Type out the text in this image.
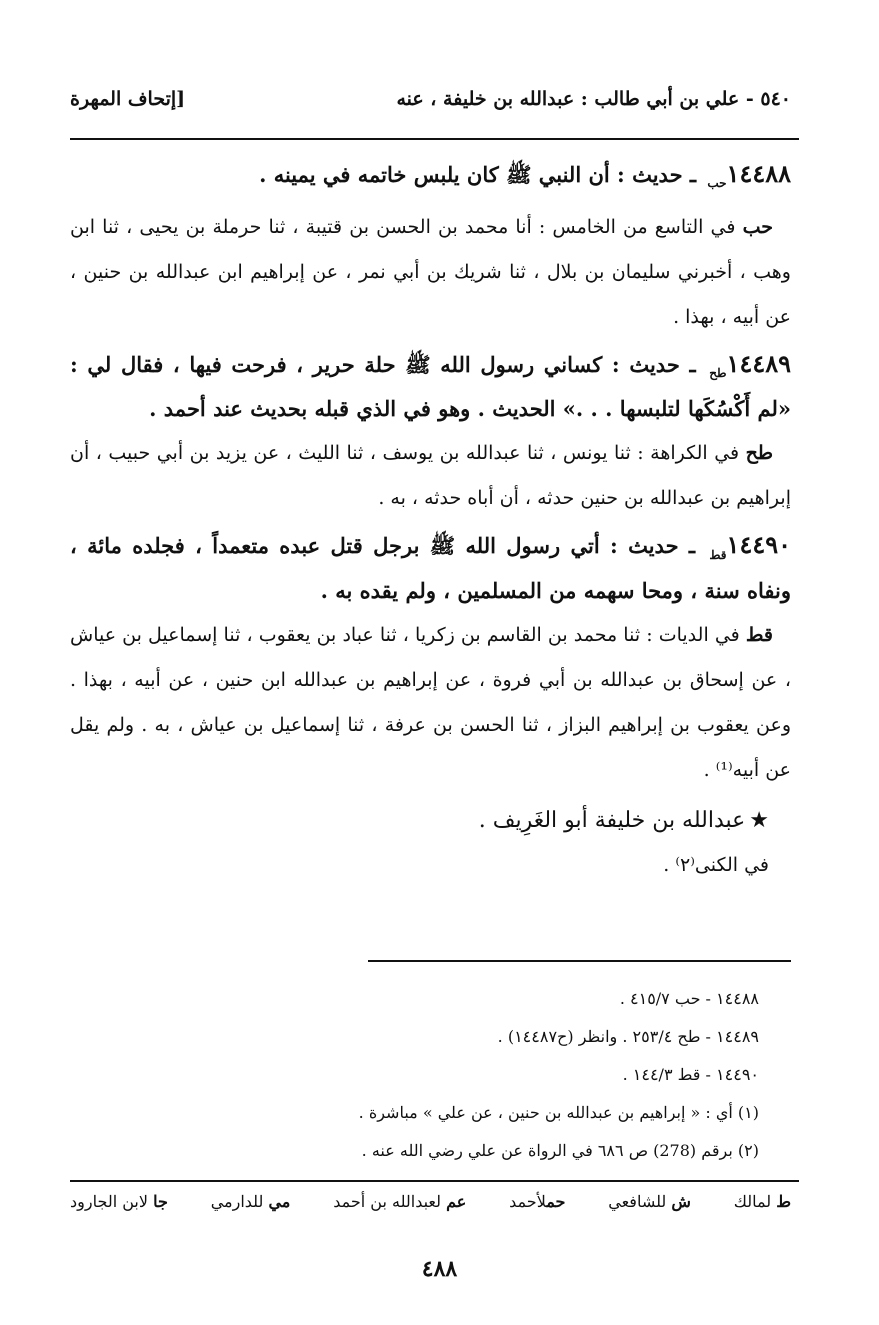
٥٤٠ - علي بن أبي طالب : عبدالله بن خليفة ، عنه
[إتحاف المهرة

$١٤٤٨٨_{حب}$ ـ حديث : أن النبي ﷺ كان يلبس خاتمه في يمينه .

حب في التاسع من الخامس : أنا محمد بن الحسن بن قتيبة ، ثنا حرملة بن يحيى ، ثنا ابن وهب ، أخبرني سليمان بن بلال ، ثنا شريك بن أبي نمر ، عن إبراهيم ابن عبدالله بن حنين ، عن أبيه ، بهذا .

$١٤٤٨٩_{طح}$ ـ حديث : كساني رسول الله ﷺ حلة حرير ، فرحت فيها ، فقال لي : «لم أَكْسُكَها لتلبسها . . .» الحديث . وهو في الذي قبله بحديث عند أحمد .

طح في الكراهة : ثنا يونس ، ثنا عبدالله بن يوسف ، ثنا الليث ، عن يزيد بن أبي حبيب ، أن إبراهيم بن عبدالله بن حنين حدثه ، أن أباه حدثه ، به .

$١٤٤٩٠_{قط}$ ـ حديث : أتي رسول الله ﷺ برجل قتل عبده متعمداً ، فجلده مائة ، ونفاه سنة ، ومحا سهمه من المسلمين ، ولم يقده به .

قط في الديات : ثنا محمد بن القاسم بن زكريا ، ثنا عباد بن يعقوب ، ثنا إسماعيل بن عياش ، عن إسحاق بن عبدالله بن أبي فروة ، عن إبراهيم بن عبدالله ابن حنين ، عن أبيه ، بهذا . وعن يعقوب بن إبراهيم البزاز ، ثنا الحسن بن عرفة ، ثنا إسماعيل بن عياش ، به . ولم يقل عن أبيه⁽¹⁾ .

★عبدالله بن خليفة أبو الغَرِيف .

في الكنى⁽٢⁾ .

١٤٤٨٨ - حب ٤١٥/٧ .
١٤٤٨٩ - طح ٢٥٣/٤ . وانظر (ح١٤٤٨٧) .
١٤٤٩٠ - قط ١٤٤/٣ .
(١) أي : « إبراهيم بن عبدالله بن حنين ، عن علي » مباشرة .
(٢) برقم (278) ص ٦٨٦ في الرواة عن علي رضي الله عنه .
ط لمالك
ش للشافعي
حملأحمد
عم لعبدالله بن أحمد
مي للدارمي
جا لابن الجارود
٤٨٨
